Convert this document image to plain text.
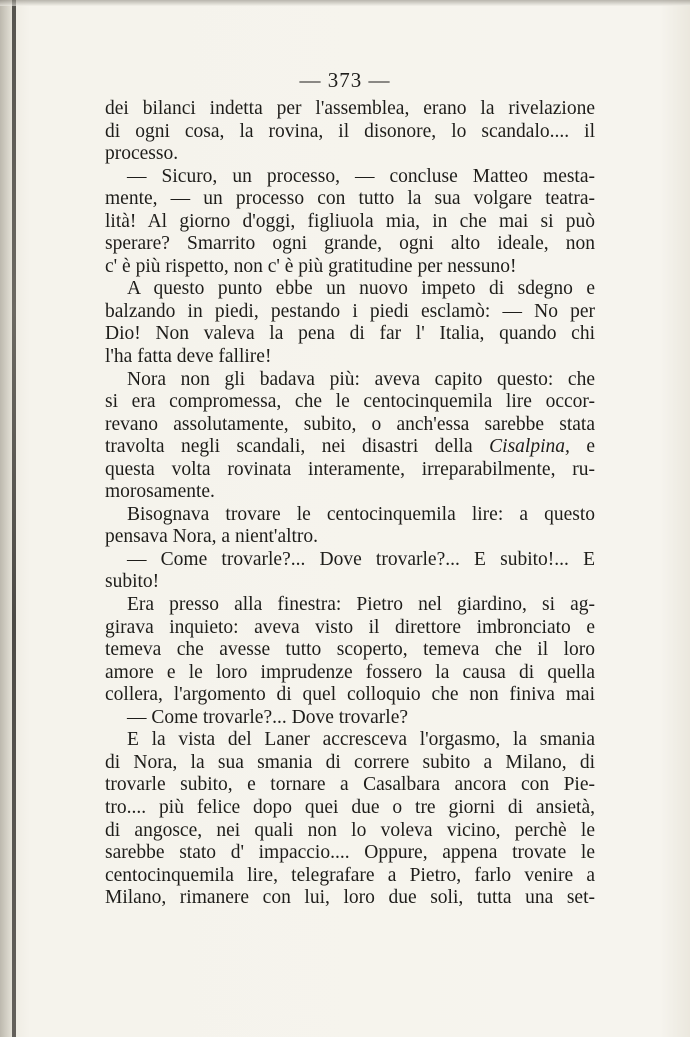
— 373 —
dei bilanci indetta per l'assemblea, erano la rivelazione
di ogni cosa, la rovina, il disonore, lo scandalo.... il
processo.
— Sicuro, un processo, — concluse Matteo mesta-
mente, — un processo con tutto la sua volgare teatra-
lità! Al giorno d'oggi, figliuola mia, in che mai si può
sperare? Smarrito ogni grande, ogni alto ideale, non
c' è più rispetto, non c' è più gratitudine per nessuno!
A questo punto ebbe un nuovo impeto di sdegno e
balzando in piedi, pestando i piedi esclamò: — No per
Dio! Non valeva la pena di far l' Italia, quando chi
l'ha fatta deve fallire!
Nora non gli badava più: aveva capito questo: che
si era compromessa, che le centocinquemila lire occor-
revano assolutamente, subito, o anch'essa sarebbe stata
travolta negli scandali, nei disastri della Cisalpina, e
questa volta rovinata interamente, irreparabilmente, ru-
morosamente.
Bisognava trovare le centocinquemila lire: a questo
pensava Nora, a nient'altro.
— Come trovarle?... Dove trovarle?... E subito!... E
subito!
Era presso alla finestra: Pietro nel giardino, si ag-
girava inquieto: aveva visto il direttore imbronciato e
temeva che avesse tutto scoperto, temeva che il loro
amore e le loro imprudenze fossero la causa di quella
collera, l'argomento di quel colloquio che non finiva mai
— Come trovarle?... Dove trovarle?
E la vista del Laner accresceva l'orgasmo, la smania
di Nora, la sua smania di correre subito a Milano, di
trovarle subito, e tornare a Casalbara ancora con Pie-
tro.... più felice dopo quei due o tre giorni di ansietà,
di angosce, nei quali non lo voleva vicino, perchè le
sarebbe stato d' impaccio.... Oppure, appena trovate le
centocinquemila lire, telegrafare a Pietro, farlo venire a
Milano, rimanere con lui, loro due soli, tutta una set-
